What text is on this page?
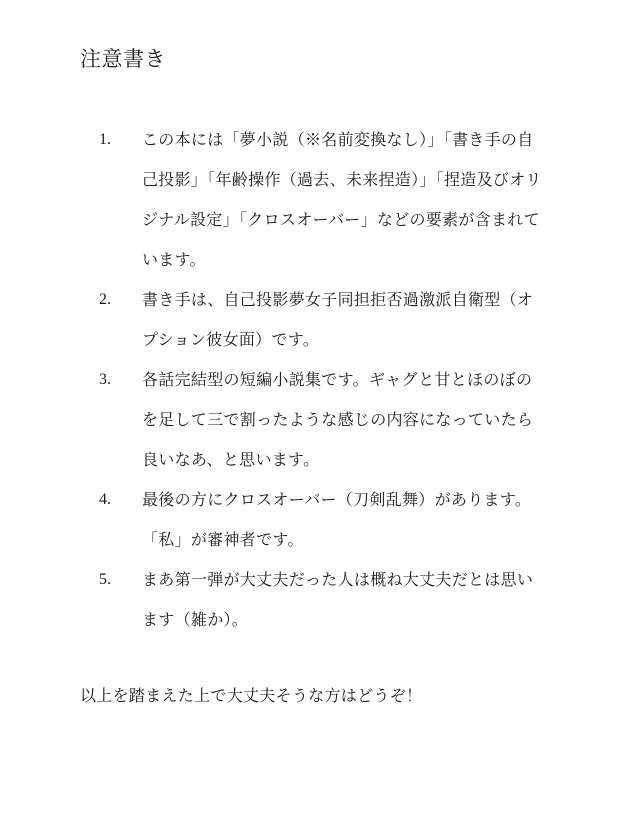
注意書き
1. この本には「夢小説（※名前変換なし）」「書き手の自己投影」「年齢操作（過去、未来捏造）」「捏造及びオリジナル設定」「クロスオーバー」などの要素が含まれています。
2. 書き手は、自己投影夢女子同担拒否過激派自衛型（オプション彼女面）です。
3. 各話完結型の短編小説集です。ギャグと甘とほのぼのを足して三で割ったような感じの内容になっていたら良いなあ、と思います。
4. 最後の方にクロスオーバー（刀剣乱舞）があります。「私」が審神者です。
5. まあ第一弾が大丈夫だった人は概ね大丈夫だとは思います（雑か）。
以上を踏まえた上で大丈夫そうな方はどうぞ！
